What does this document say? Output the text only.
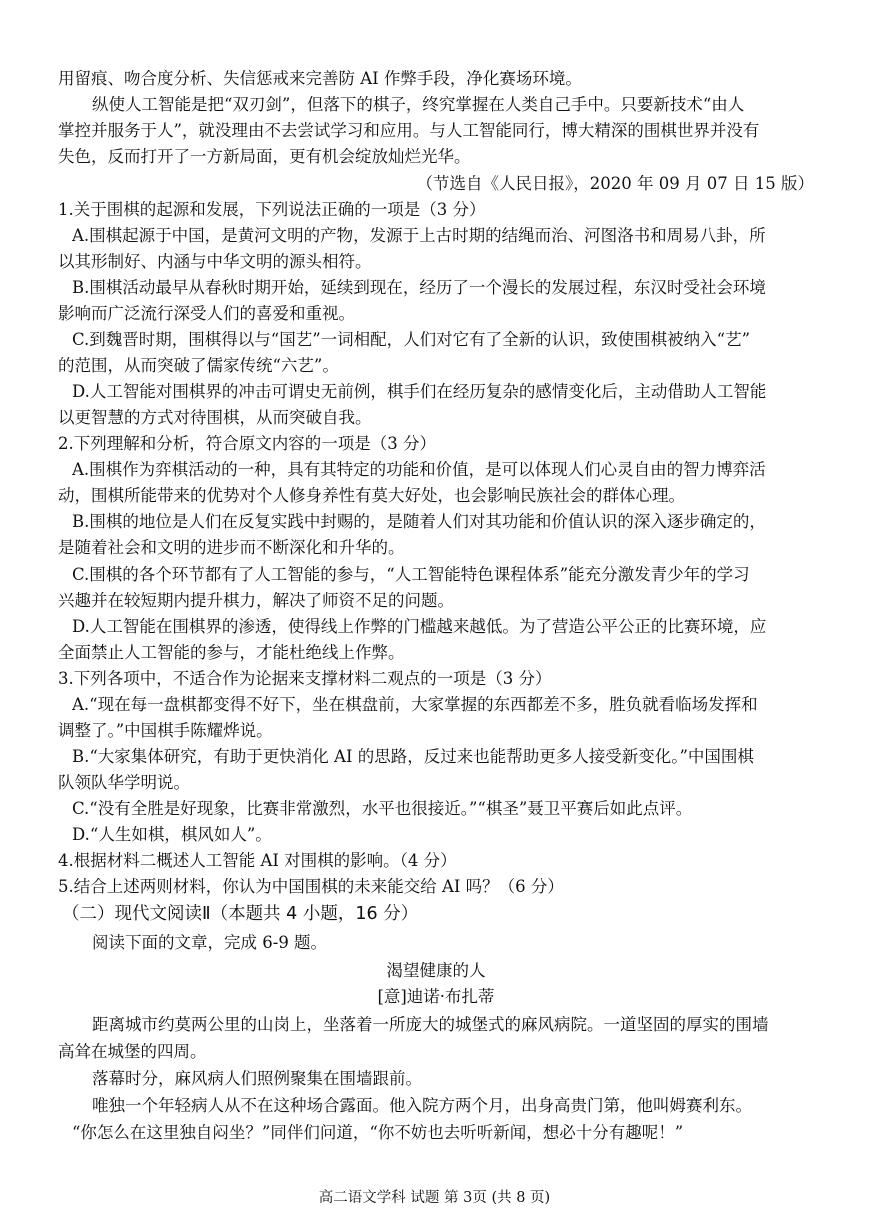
用留痕、吻合度分析、失信惩戒来完善防 AI 作弊手段，净化赛场环境。
纵使人工智能是把“双刃剑”，但落下的棋子，终究掌握在人类自己手中。只要新技术“由人
掌控并服务于人”，就没理由不去尝试学习和应用。与人工智能同行，博大精深的围棋世界并没有
失色，反而打开了一方新局面，更有机会绽放灿烂光华。
（节选自《人民日报》，2020 年 09 月 07 日 15 版）
1.关于围棋的起源和发展，下列说法正确的一项是（3 分）
A.围棋起源于中国，是黄河文明的产物，发源于上古时期的结绳而治、河图洛书和周易八卦，所
以其形制好、内涵与中华文明的源头相符。
B.围棋活动最早从春秋时期开始，延续到现在，经历了一个漫长的发展过程，东汉时受社会环境
影响而广泛流行深受人们的喜爱和重视。
C.到魏晋时期，围棋得以与“国艺”一词相配，人们对它有了全新的认识，致使围棋被纳入“艺”
的范围，从而突破了儒家传统“六艺”。
D.人工智能对围棋界的冲击可谓史无前例，棋手们在经历复杂的感情变化后，主动借助人工智能
以更智慧的方式对待围棋，从而突破自我。
2.下列理解和分析，符合原文内容的一项是（3 分）
A.围棋作为弈棋活动的一种，具有其特定的功能和价值，是可以体现人们心灵自由的智力博弈活
动，围棋所能带来的优势对个人修身养性有莫大好处，也会影响民族社会的群体心理。
B.围棋的地位是人们在反复实践中封赐的，是随着人们对其功能和价值认识的深入逐步确定的，
是随着社会和文明的进步而不断深化和升华的。
C.围棋的各个环节都有了人工智能的参与，“人工智能特色课程体系”能充分激发青少年的学习
兴趣并在较短期内提升棋力，解决了师资不足的问题。
D.人工智能在围棋界的渗透，使得线上作弊的门槛越来越低。为了营造公平公正的比赛环境，应
全面禁止人工智能的参与，才能杜绝线上作弊。
3.下列各项中，不适合作为论据来支撑材料二观点的一项是（3 分）
A.“现在每一盘棋都变得不好下，坐在棋盘前，大家掌握的东西都差不多，胜负就看临场发挥和
调整了。”中国棋手陈耀烨说。
B.“大家集体研究，有助于更快消化 AI 的思路，反过来也能帮助更多人接受新变化。”中国围棋
队领队华学明说。
C.“没有全胜是好现象，比赛非常激烈，水平也很接近。”“棋圣”聂卫平赛后如此点评。
D.“人生如棋，棋风如人”。
4.根据材料二概述人工智能 AI 对围棋的影响。（4 分）
5.结合上述两则材料，你认为中国围棋的未来能交给 AI 吗？（6 分）
（二）现代文阅读Ⅱ（本题共 4 小题，16 分）
阅读下面的文章，完成 6-9 题。
渴望健康的人
[意]迪诺·布扎蒂
距离城市约莫两公里的山岗上，坐落着一所庞大的城堡式的麻风病院。一道坚固的厚实的围墙
高耸在城堡的四周。
落幕时分，麻风病人们照例聚集在围墙跟前。
唯独一个年轻病人从不在这种场合露面。他入院方两个月，出身高贵门第，他叫姆赛利东。
“你怎么在这里独自闷坐？”同伴们问道，“你不妨也去听听新闻，想必十分有趣呢！”
高二语文学科 试题 第 3页 (共 8 页)
